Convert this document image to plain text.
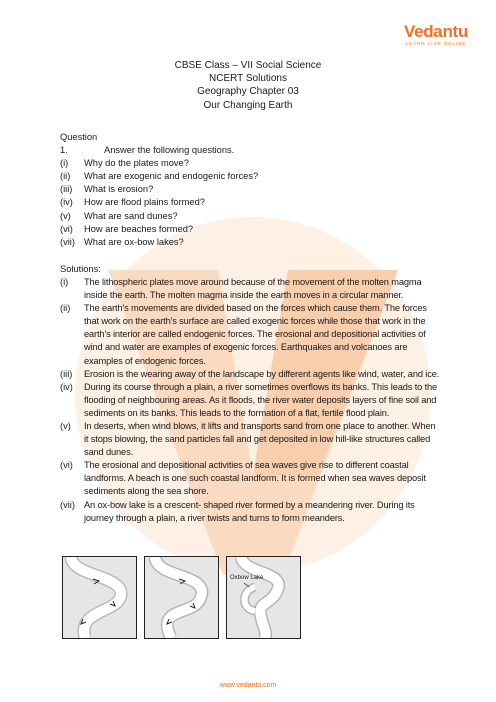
Vedantu
LEARN LIVE ONLINE
CBSE Class – VII Social Science
NCERT Solutions
Geography Chapter 03
Our Changing Earth
Question 1.	Answer the following questions.
(i)	Why do the plates move?
(ii)	What are exogenic and endogenic forces?
(iii)	What is erosion?
(iv)	How are flood plains formed?
(v)	What are sand dunes?
(vi)	How are beaches formed?
(vii) What are ox-bow lakes?
Solutions:
(i)	The lithospheric plates move around because of the movement of the molten magma inside the earth. The molten magma inside the earth moves in a circular manner.
(ii)	The earth's movements are divided based on the forces which cause them. The forces that work on the earth's surface are called exogenic forces while those that work in the earth's interior are called endogenic forces. The erosional and depositional activities of wind and water are examples of exogenic forces. Earthquakes and volcanoes are examples of endogenic forces.
(iii)	Erosion is the wearing away of the landscape by different agents like wind, water, and ice.
(iv)	During its course through a plain, a river sometimes overflows its banks. This leads to the flooding of neighbouring areas. As it floods, the river water deposits layers of fine soil and sediments on its banks. This leads to the formation of a flat, fertile flood plain.
(v)	In deserts, when wind blows, it lifts and transports sand from one place to another. When it stops blowing, the sand particles fall and get deposited in low hill-like structures called sand dunes.
(vi)	The erosional and depositional activities of sea waves give rise to different coastal landforms. A beach is one such coastal landform. It is formed when sea waves deposit sediments along the sea shore.
(vii) An ox-bow lake is a crescent- shaped river formed by a meandering river. During its journey through a plain, a river twists and turns to form meanders.
Oxbow Lake
www.vedantu.com
